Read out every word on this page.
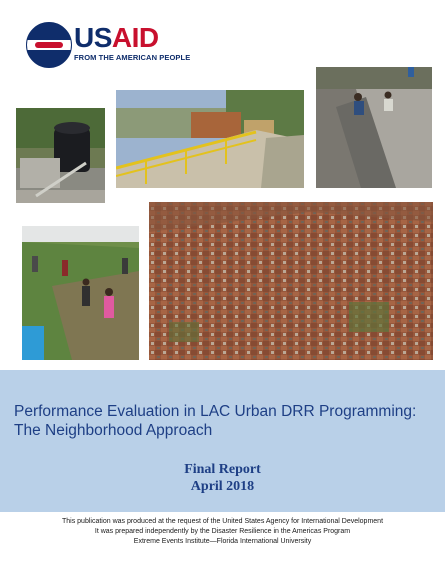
USAID
FROM THE AMERICAN PEOPLE
Performance Evaluation in LAC Urban DRR Programming:
The Neighborhood Approach
Final Report
April 2018
This publication was produced at the request of the United States Agency for International Development
It was prepared independently by the Disaster Resilience in the Americas Program
Extreme Events Institute—Florida International University
